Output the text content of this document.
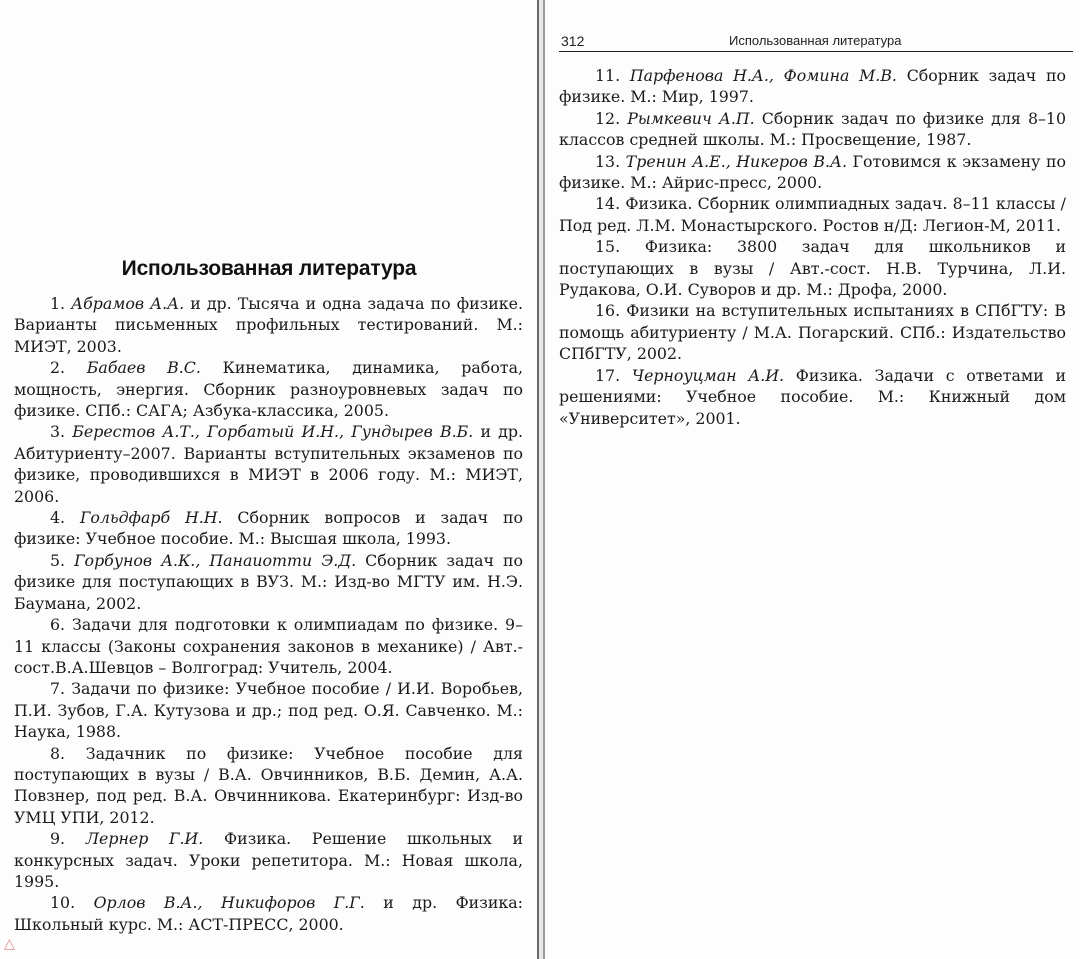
Использованная литература

1. Абрамов А.А. и др. Тысяча и одна задача по физике. Варианты письменных профильных тестирований. М.: МИЭТ, 2003.

2. Бабаев В.С. Кинематика, динамика, работа, мощность, энергия. Сборник разноуровневых задач по физике. СПб.: САГА; Азбука-классика, 2005.

3. Берестов А.Т., Горбатый И.Н., Гундырев В.Б. и др. Абитуриенту–2007. Варианты вступительных экзаменов по физике, проводившихся в МИЭТ в 2006 году. М.: МИЭТ, 2006.

4. Гольдфарб Н.Н. Сборник вопросов и задач по физике: Учебное пособие. М.: Высшая школа, 1993.

5. Горбунов А.К., Панаиотти Э.Д. Сборник задач по физике для поступающих в ВУЗ. М.: Изд-во МГТУ им. Н.Э. Баумана, 2002.

6. Задачи для подготовки к олимпиадам по физике. 9–11 классы (Законы сохранения законов в механике) / Авт.-сост.В.А.Шевцов – Волгоград: Учитель, 2004.

7. Задачи по физике: Учебное пособие / И.И. Воробьев, П.И. Зубов, Г.А. Кутузова и др.; под ред. О.Я. Савченко. М.: Наука, 1988.

8. Задачник по физике: Учебное пособие для поступающих в вузы / В.А. Овчинников, В.Б. Демин, А.А. Повзнер, под ред. В.А. Овчинникова. Екатеринбург: Изд-во УМЦ УПИ, 2012.

9. Лернер Г.И. Физика. Решение школьных и конкурсных задач. Уроки репетитора. М.: Новая школа, 1995.

10. Орлов В.А., Никифоров Г.Г. и др. Физика: Школьный курс. М.: АСТ-ПРЕСС, 2000.

△
312	Использованная литература

11. Парфенова Н.А., Фомина М.В. Сборник задач по физике. М.: Мир, 1997.

12. Рымкевич А.П. Сборник задач по физике для 8–10 классов средней школы. М.: Просвещение, 1987.

13. Тренин А.Е., Никеров В.А. Готовимся к экзамену по физике. М.: Айрис-пресс, 2000.

14. Физика. Сборник олимпиадных задач. 8–11 классы / Под ред. Л.М. Монастырского. Ростов н/Д: Легион-М, 2011.

15. Физика: 3800 задач для школьников и поступающих в вузы / Авт.-сост. Н.В. Турчина, Л.И. Рудакова, О.И. Суворов и др. М.: Дрофа, 2000.

16. Физики на вступительных испытаниях в СПбГТУ: В помощь абитуриенту / М.А. Погарский. СПб.: Издательство СПбГТУ, 2002.

17. Черноуцман А.И. Физика. Задачи с ответами и решениями: Учебное пособие. М.: Книжный дом «Университет», 2001.
